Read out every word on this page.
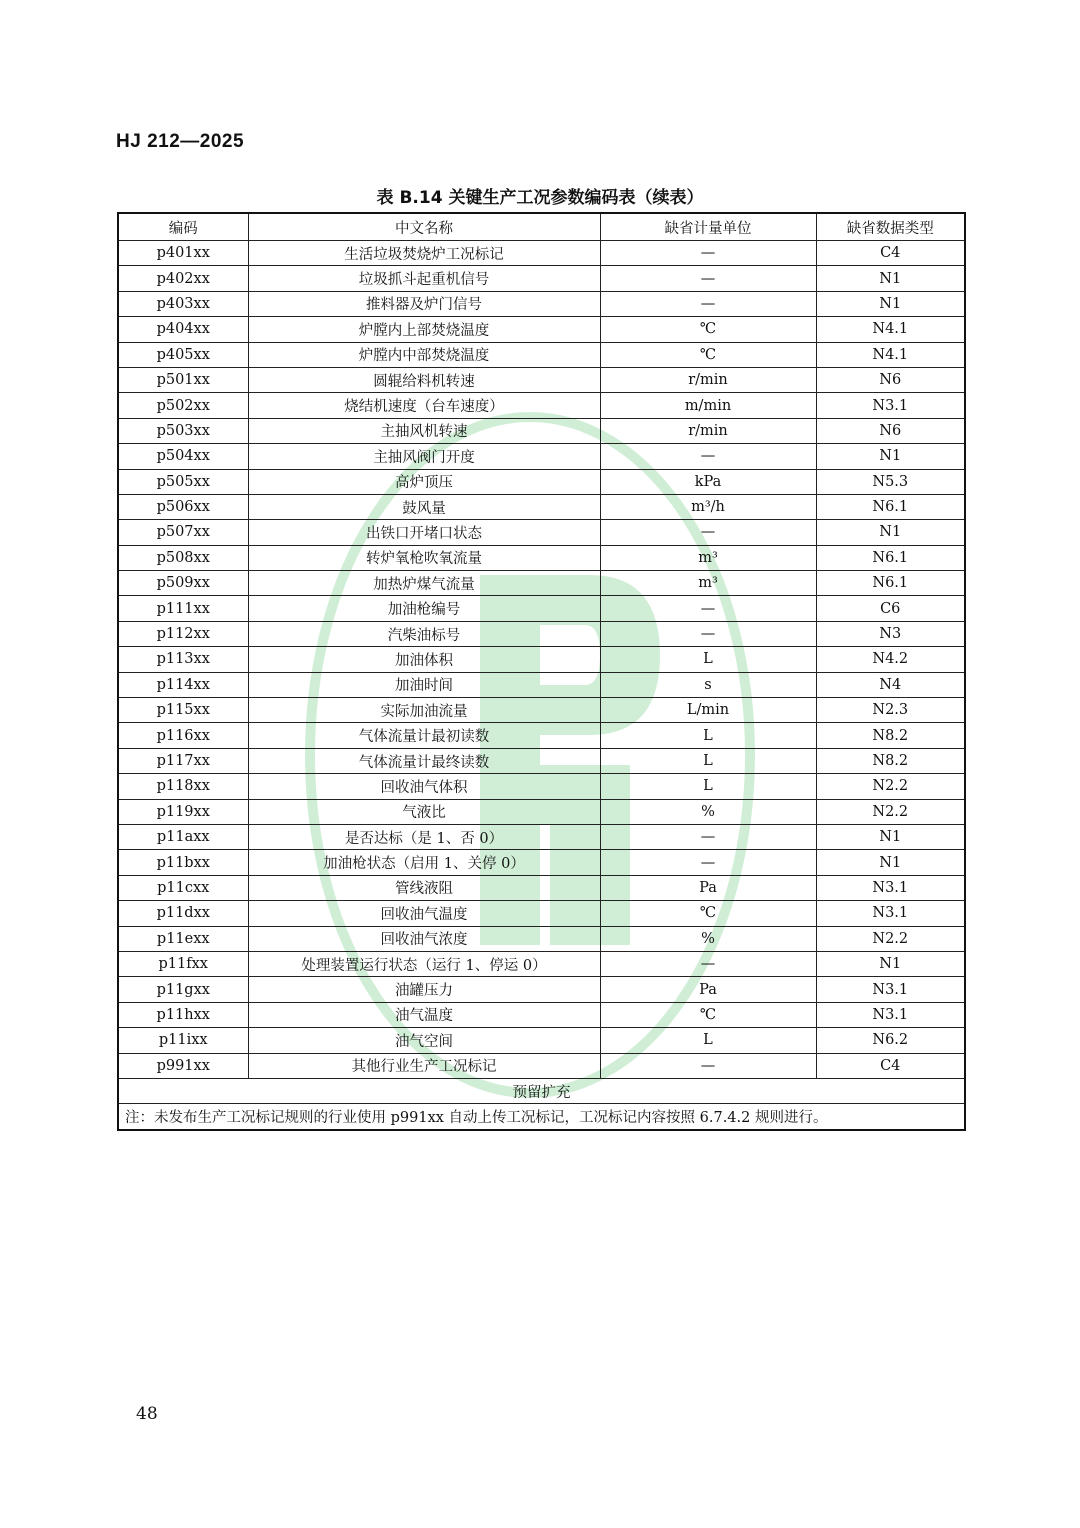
HJ 212—2025
表 B.14 关键生产工况参数编码表（续表）
编码	中文名称	缺省计量单位	缺省数据类型
p401xx	生活垃圾焚烧炉工况标记	—	C4
p402xx	垃圾抓斗起重机信号	—	N1
p403xx	推料器及炉门信号	—	N1
p404xx	炉膛内上部焚烧温度	℃	N4.1
p405xx	炉膛内中部焚烧温度	℃	N4.1
p501xx	圆辊给料机转速	r/min	N6
p502xx	烧结机速度（台车速度）	m/min	N3.1
p503xx	主抽风机转速	r/min	N6
p504xx	主抽风阀门开度	—	N1
p505xx	高炉顶压	kPa	N5.3
p506xx	鼓风量	m³/h	N6.1
p507xx	出铁口开堵口状态	—	N1
p508xx	转炉氧枪吹氧流量	m³	N6.1
p509xx	加热炉煤气流量	m³	N6.1
p111xx	加油枪编号	—	C6
p112xx	汽柴油标号	—	N3
p113xx	加油体积	L	N4.2
p114xx	加油时间	s	N4
p115xx	实际加油流量	L/min	N2.3
p116xx	气体流量计最初读数	L	N8.2
p117xx	气体流量计最终读数	L	N8.2
p118xx	回收油气体积	L	N2.2
p119xx	气液比	%	N2.2
p11axx	是否达标（是 1、否 0）	—	N1
p11bxx	加油枪状态（启用 1、关停 0）	—	N1
p11cxx	管线液阻	Pa	N3.1
p11dxx	回收油气温度	℃	N3.1
p11exx	回收油气浓度	%	N2.2
p11fxx	处理装置运行状态（运行 1、停运 0）	—	N1
p11gxx	油罐压力	Pa	N3.1
p11hxx	油气温度	℃	N3.1
p11ixx	油气空间	L	N6.2
p991xx	其他行业生产工况标记	—	C4
预留扩充			
注：未发布生产工况标记规则的行业使用 p991xx 自动上传工况标记，工况标记内容按照 6.7.4.2 规则进行。			
48
